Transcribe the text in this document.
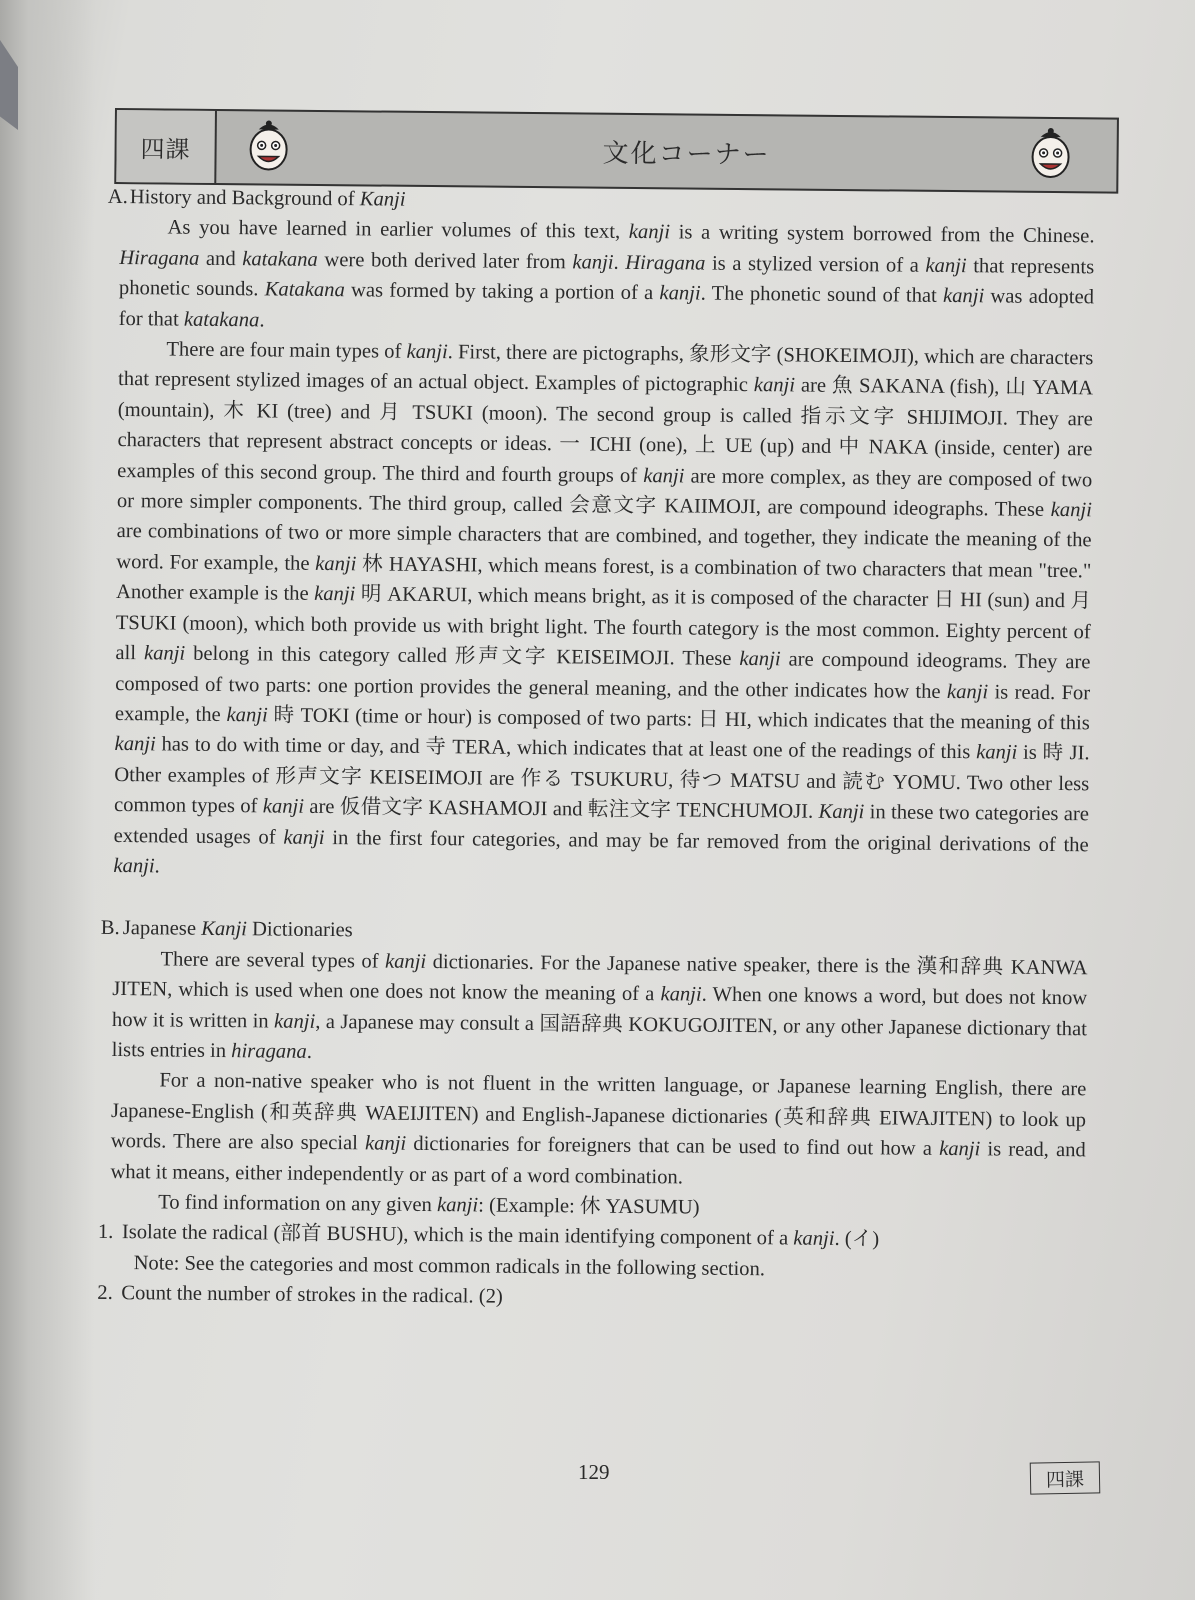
四課	文化コーナー
A.History and Background of Kanji

As you have learned in earlier volumes of this text, kanji is a writing system borrowed from the Chinese. Hiragana and katakana were both derived later from kanji. Hiragana is a stylized version of a kanji that represents phonetic sounds. Katakana was formed by taking a portion of a kanji. The phonetic sound of that kanji was adopted for that katakana.

There are four main types of kanji. First, there are pictographs, 象形文字 (SHOKEIMOJI), which are characters that represent stylized images of an actual object. Examples of pictographic kanji are 魚 SAKANA (fish), 山 YAMA (mountain), 木 KI (tree) and 月 TSUKI (moon). The second group is called 指示文字 SHIJIMOJI. They are characters that represent abstract concepts or ideas. 一 ICHI (one), 上 UE (up) and 中 NAKA (inside, center) are examples of this second group. The third and fourth groups of kanji are more complex, as they are composed of two or more simpler components. The third group, called 会意文字 KAIIMOJI, are compound ideographs. These kanji are combinations of two or more simple characters that are combined, and together, they indicate the meaning of the word. For example, the kanji 林 HAYASHI, which means forest, is a combination of two characters that mean "tree." Another example is the kanji 明 AKARUI, which means bright, as it is composed of the character 日 HI (sun) and 月 TSUKI (moon), which both provide us with bright light. The fourth category is the most common. Eighty percent of all kanji belong in this category called 形声文字 KEISEIMOJI. These kanji are compound ideograms. They are composed of two parts: one portion provides the general meaning, and the other indicates how the kanji is read. For example, the kanji 時 TOKI (time or hour) is composed of two parts: 日 HI, which indicates that the meaning of this kanji has to do with time or day, and 寺 TERA, which indicates that at least one of the readings of this kanji is 時 JI. Other examples of 形声文字 KEISEIMOJI are 作る TSUKURU, 待つ MATSU and 読む YOMU. Two other less common types of kanji are 仮借文字 KASHAMOJI and 転注文字 TENCHUMOJI. Kanji in these two categories are extended usages of kanji in the first four categories, and may be far removed from the original derivations of the kanji.

B. Japanese Kanji Dictionaries

There are several types of kanji dictionaries. For the Japanese native speaker, there is the 漢和辞典 KANWA JITEN, which is used when one does not know the meaning of a kanji. When one knows a word, but does not know how it is written in kanji, a Japanese may consult a 国語辞典 KOKUGOJITEN, or any other Japanese dictionary that lists entries in hiragana.

For a non-native speaker who is not fluent in the written language, or Japanese learning English, there are Japanese-English (和英辞典 WAEIJITEN) and English-Japanese dictionaries (英和辞典 EIWAJITEN) to look up words. There are also special kanji dictionaries for foreigners that can be used to find out how a kanji is read, and what it means, either independently or as part of a word combination.

To find information on any given kanji: (Example: 休 YASUMU)

1. Isolate the radical (部首 BUSHU), which is the main identifying component of a kanji. (イ)
Note: See the categories and most common radicals in the following section.
2. Count the number of strokes in the radical. (2)
129	四課
